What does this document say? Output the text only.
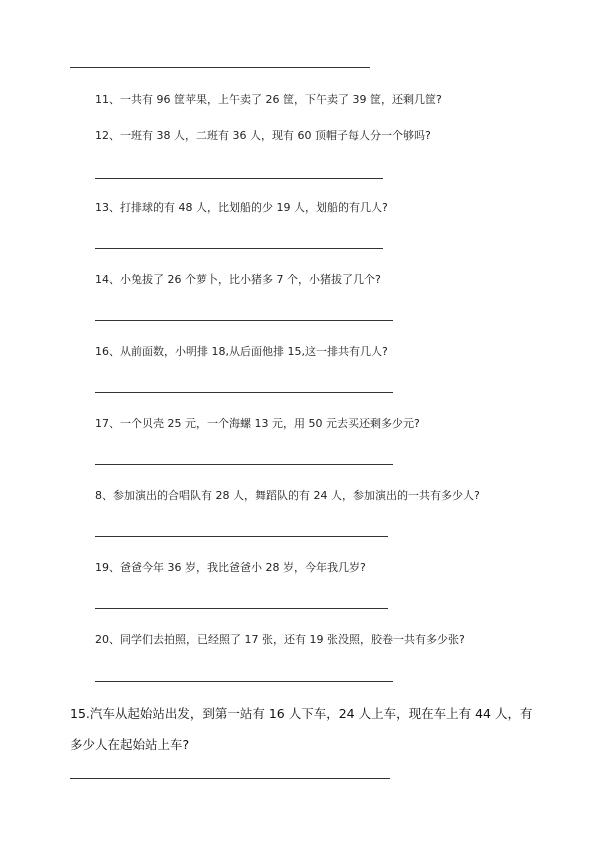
11、一共有 96 筐苹果，上午卖了 26 筐，下午卖了 39 筐，还剩几筐?
12、一班有 38 人，二班有 36 人，现有 60 顶帽子每人分一个够吗?
13、打排球的有 48 人，比划船的少 19 人，划船的有几人?
14、小兔拔了 26 个萝卜，比小猪多 7 个，小猪拔了几个?
16、从前面数，小明排 18,从后面他排 15,这一排共有几人?
17、一个贝壳 25 元，一个海螺 13 元，用 50 元去买还剩多少元?
8、参加演出的合唱队有 28 人，舞蹈队的有 24 人，参加演出的一共有多少人?
19、爸爸今年 36 岁，我比爸爸小 28 岁，今年我几岁?
20、同学们去拍照，已经照了 17 张，还有 19 张没照，胶卷一共有多少张?
15.汽车从起始站出发，到第一站有 16 人下车，24 人上车，现在车上有 44 人，有
多少人在起始站上车?
